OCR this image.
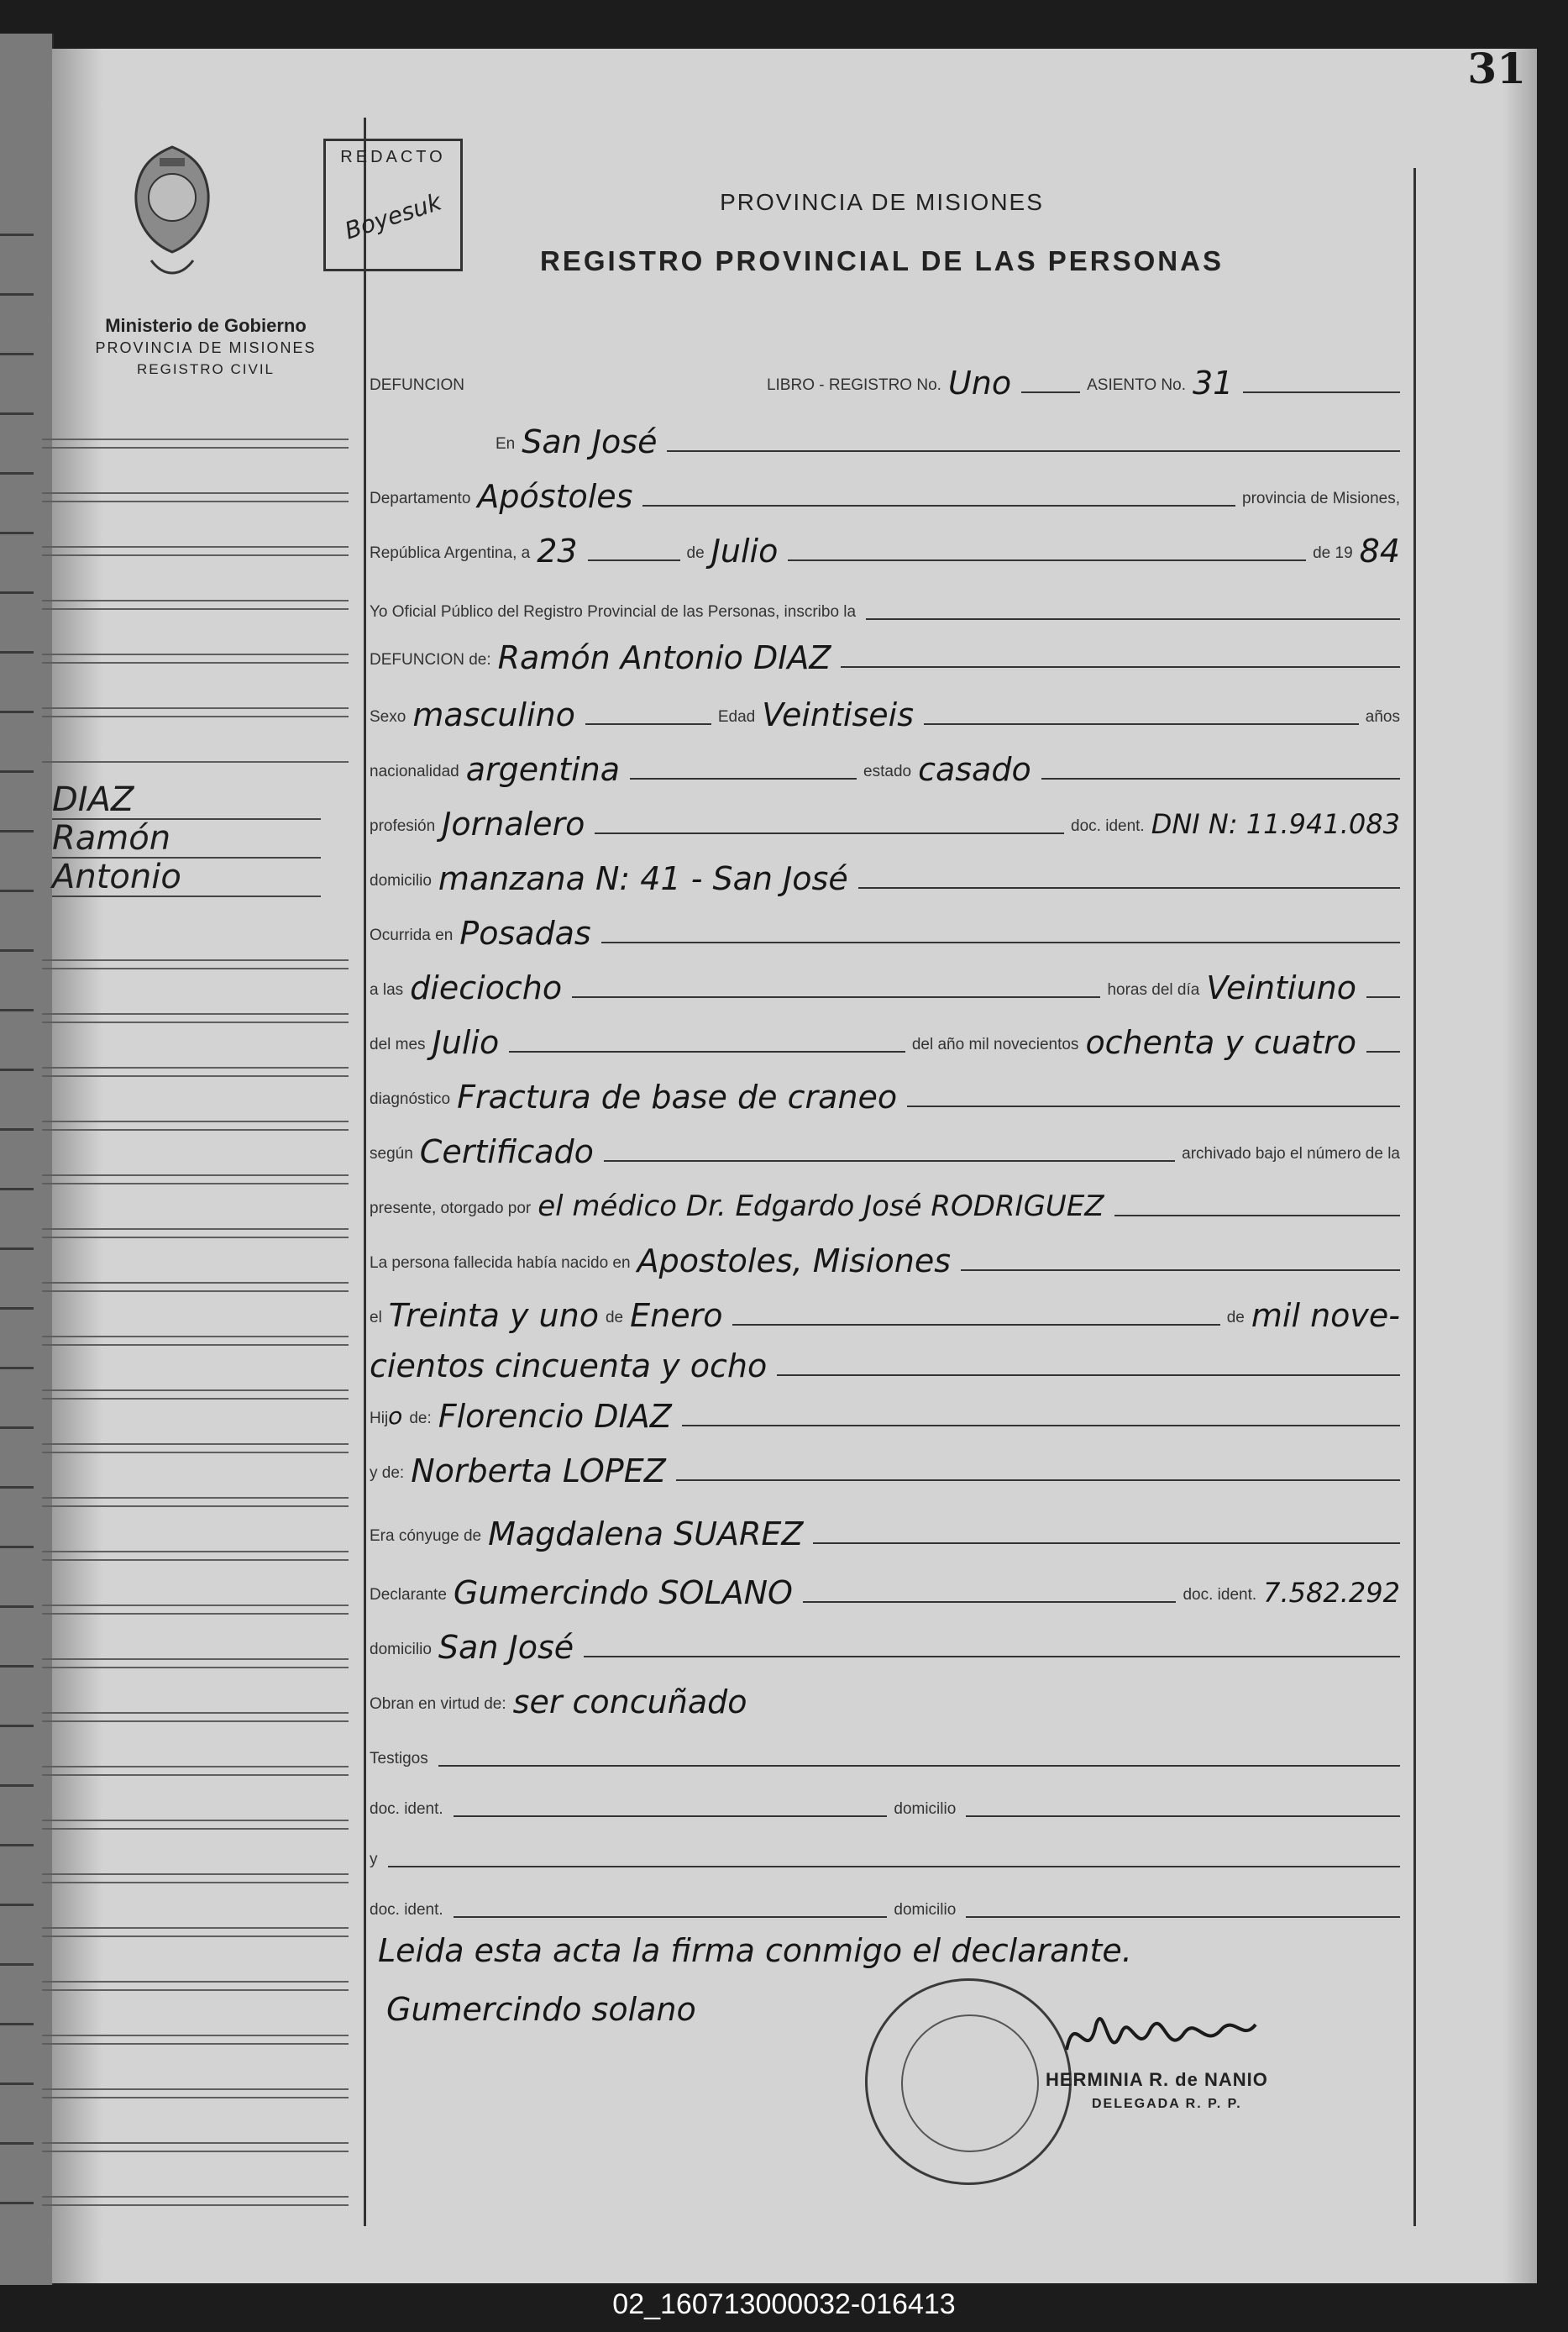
31
Ministerio de Gobierno
PROVINCIA DE MISIONES
REGISTRO CIVIL
DIAZ
Ramón
Antonio
REDACTO
Boyesuk	PROVINCIA DE MISIONES
REGISTRO PROVINCIAL DE LAS PERSONAS
DEFUNCION	LIBRO - REGISTRO No. Uno	ASIENTO No. 31
En San José
Departamento Apóstoles	provincia de Misiones,
República Argentina, a 23	de Julio	de 19 84
Yo Oficial Público del Registro Provincial de las Personas, inscribo la
DEFUNCION de: Ramón Antonio DIAZ
Sexo masculino	Edad Veintiseis	años
nacionalidad argentina	estado casado
profesión Jornalero	doc. ident. DNI N: 11.941.083
domicilio manzana N: 41 - San José
Ocurrida en Posadas
a las dieciocho	horas del día Veintiuno
del mes Julio	del año mil novecientos ochenta y cuatro
diagnóstico Fractura de base de craneo
según Certificado	archivado bajo el número de la
presente, otorgado por el médico Dr. Edgardo José RODRIGUEZ
La persona fallecida había nacido en Apostoles, Misiones
el Treinta y uno de Enero	de mil nove-
cientos cincuenta y ocho
Hij o de: Florencio DIAZ
y de: Norberta LOPEZ
Era cónyuge de Magdalena SUAREZ
Declarante Gumercindo SOLANO	doc. ident. 7.582.292
domicilio San José
Obran en virtud de: ser concuñado
Testigos
doc. ident.	domicilio
y
doc. ident.	domicilio
Leida esta acta la firma conmigo el declarante.
Gumercindo solano
HERMINIA R. de NANIO
DELEGADA R. P. P.
02_160713000032-016413
